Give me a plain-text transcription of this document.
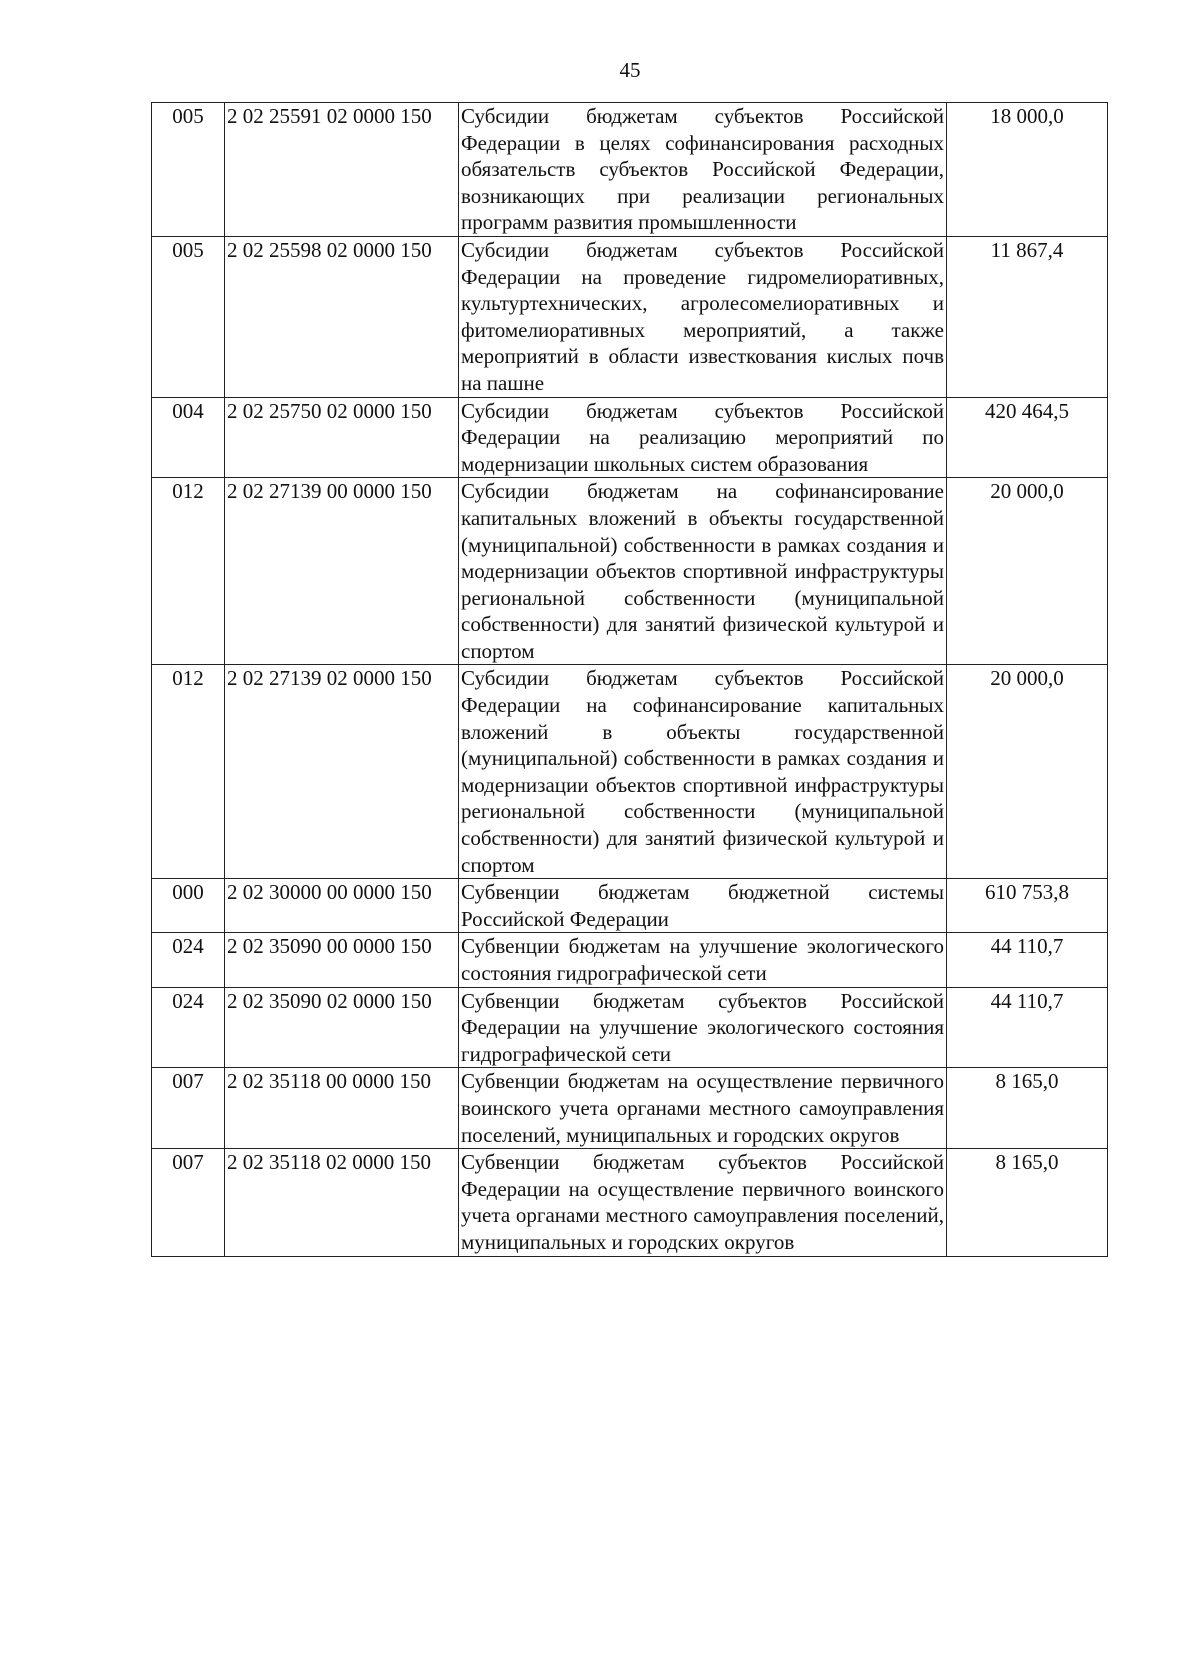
45
005	2 02 25591 02 0000 150	Субсидии бюджетам субъектов Российской Федерации в целях софинансирования расходных обязательств субъектов Российской Федерации, возникающих при реализации региональных программ развития промышленности	18 000,0
005	2 02 25598 02 0000 150	Субсидии бюджетам субъектов Российской Федерации на проведение гидромелиоративных, культуртехнических, агролесомелиоративных и фитомелиоративных мероприятий, а также мероприятий в области известкования кислых почв на пашне	11 867,4
004	2 02 25750 02 0000 150	Субсидии бюджетам субъектов Российской Федерации на реализацию мероприятий по модернизации школьных систем образования	420 464,5
012	2 02 27139 00 0000 150	Субсидии бюджетам на софинансирование капитальных вложений в объекты государственной (муниципальной) собственности в рамках создания и модернизации объектов спортивной инфраструктуры региональной собственности (муниципальной собственности) для занятий физической культурой и спортом	20 000,0
012	2 02 27139 02 0000 150	Субсидии бюджетам субъектов Российской Федерации на софинансирование капитальных вложений в объекты государственной (муниципальной) собственности в рамках создания и модернизации объектов спортивной инфраструктуры региональной собственности (муниципальной собственности) для занятий физической культурой и спортом	20 000,0
000	2 02 30000 00 0000 150	Субвенции бюджетам бюджетной системы Российской Федерации	610 753,8
024	2 02 35090 00 0000 150	Субвенции бюджетам на улучшение экологического состояния гидрографической сети	44 110,7
024	2 02 35090 02 0000 150	Субвенции бюджетам субъектов Российской Федерации на улучшение экологического состояния гидрографической сети	44 110,7
007	2 02 35118 00 0000 150	Субвенции бюджетам на осуществление первичного воинского учета органами местного самоуправления поселений, муниципальных и городских округов	8 165,0
007	2 02 35118 02 0000 150	Субвенции бюджетам субъектов Российской Федерации на осуществление первичного воинского учета органами местного самоуправления поселений, муниципальных и городских округов	8 165,0
